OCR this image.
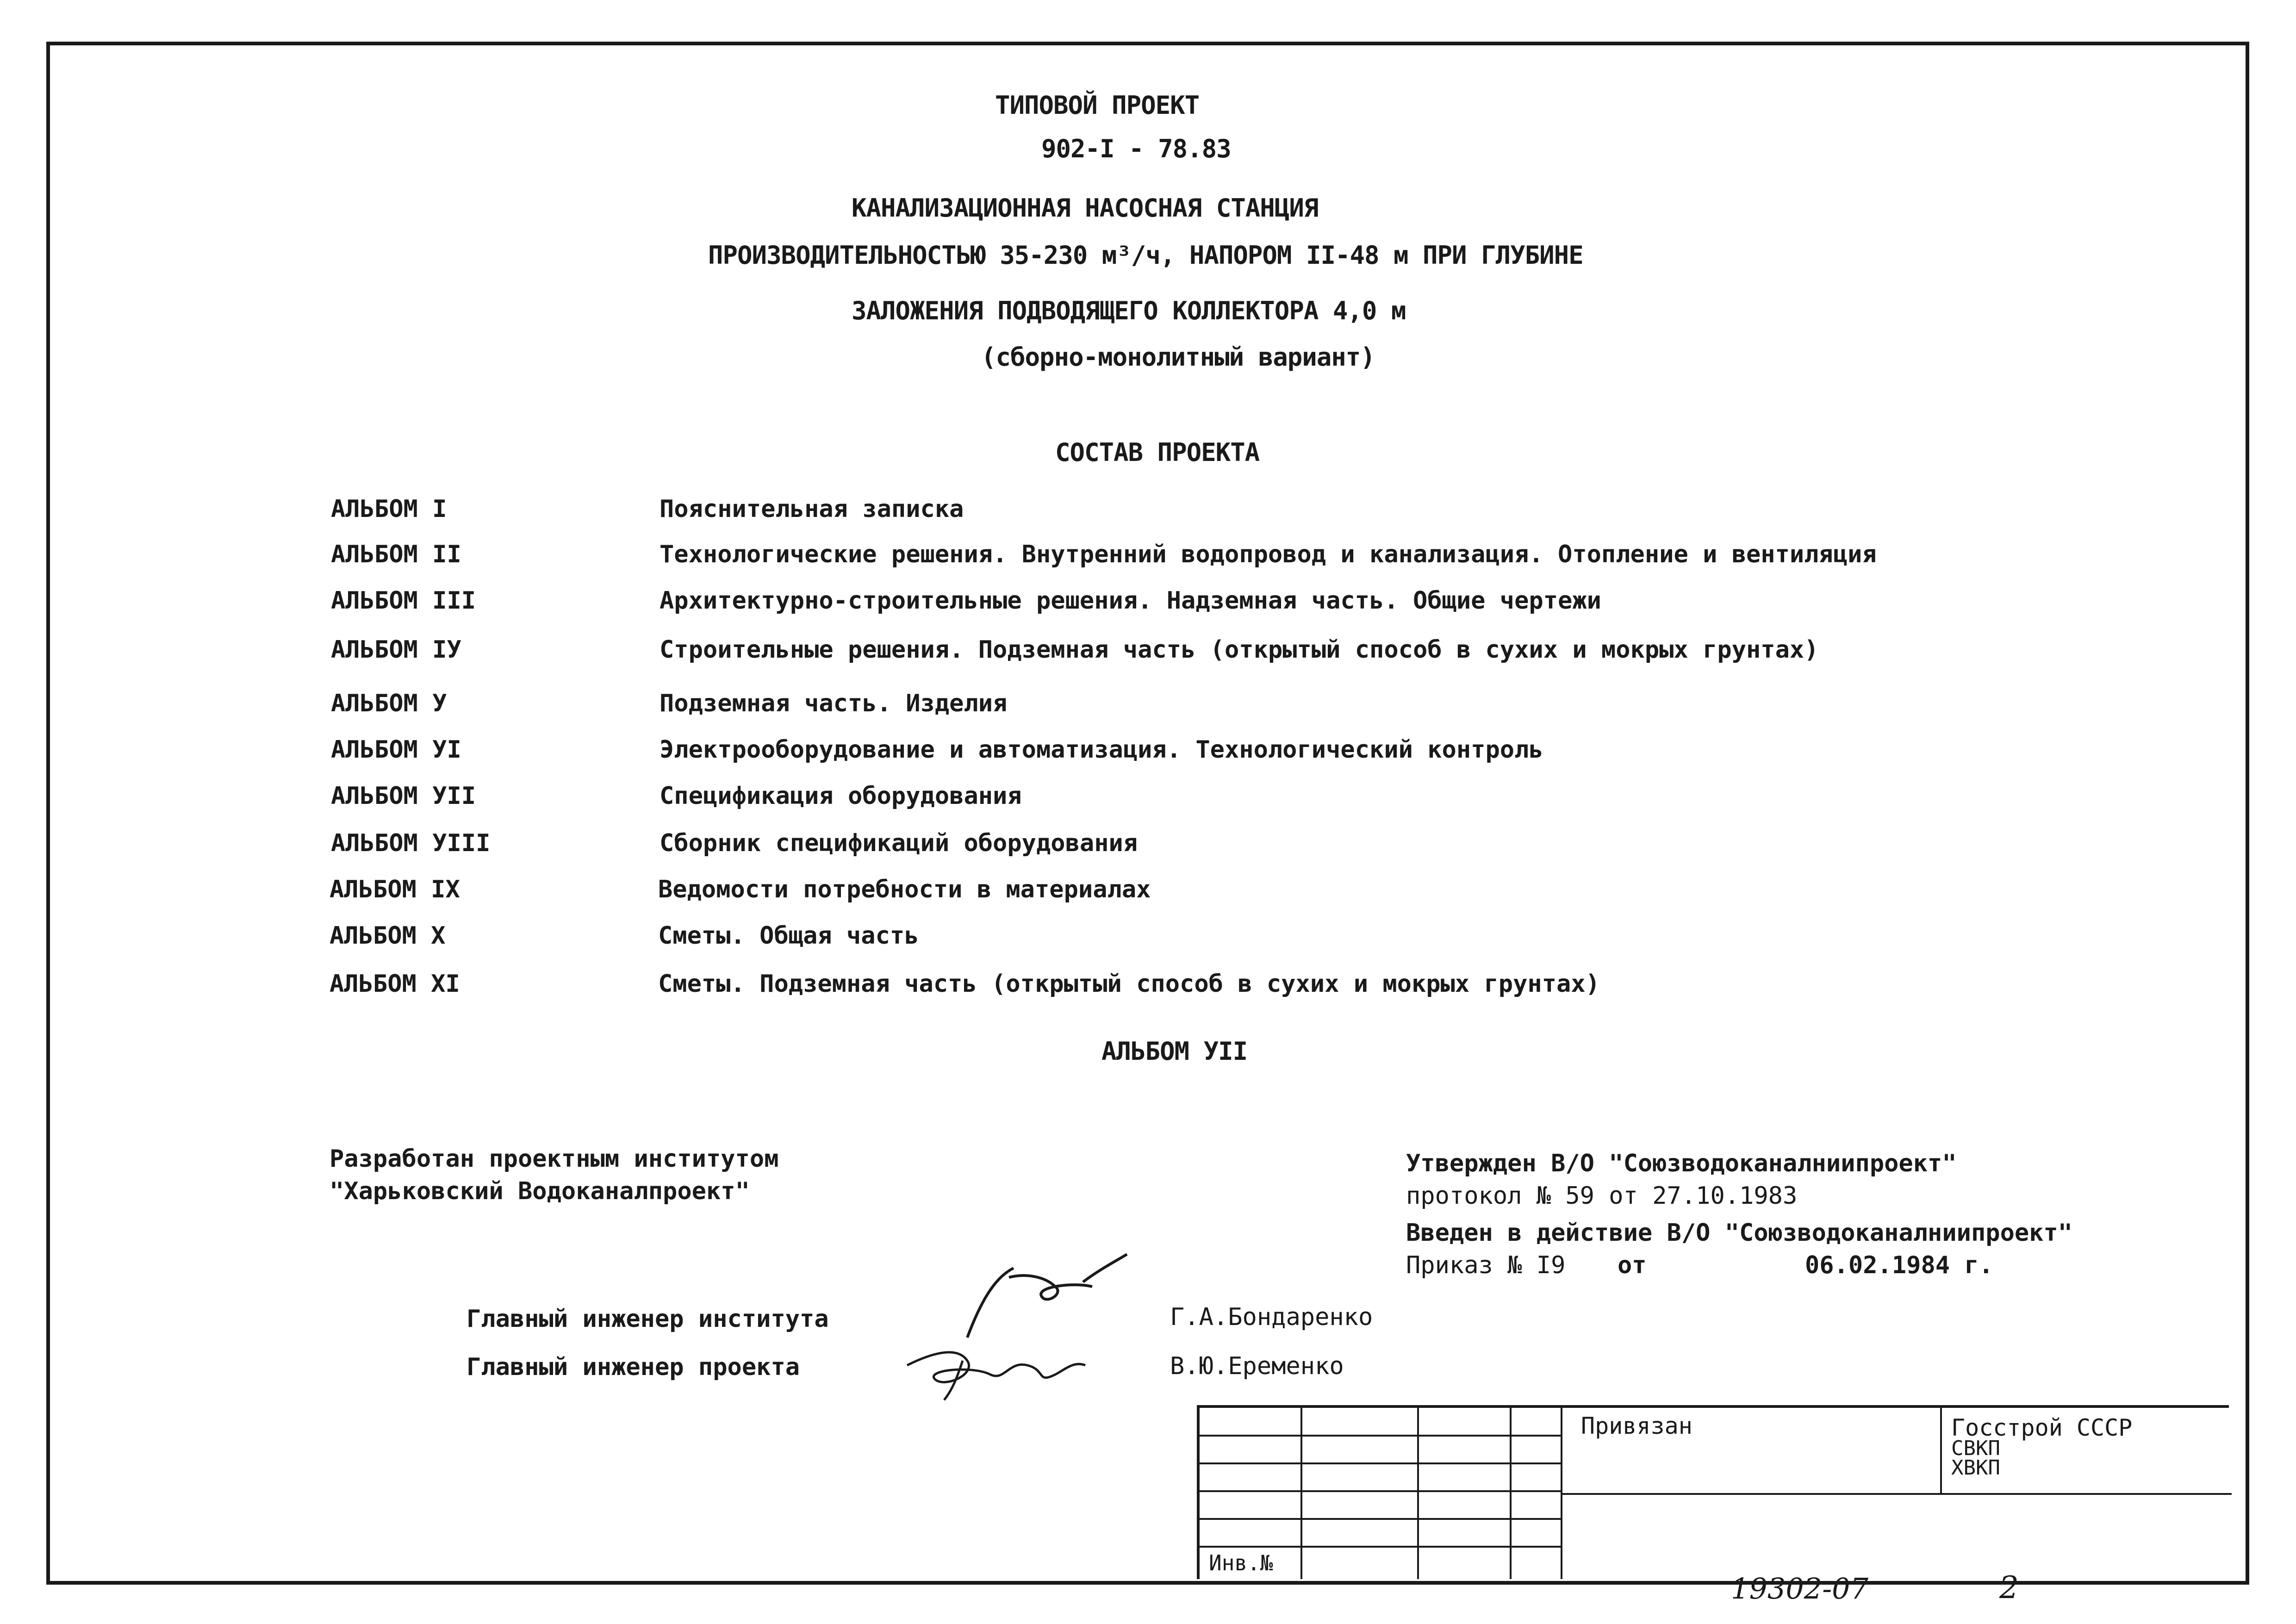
ТИПОВОЙ ПРОЕКТ
902-I - 78.83
КАНАЛИЗАЦИОННАЯ НАСОСНАЯ СТАНЦИЯ
ПРОИЗВОДИТЕЛЬНОСТЬЮ 35-230 м³/ч, НАПОРОМ II-48 м ПРИ ГЛУБИНЕ
ЗАЛОЖЕНИЯ ПОДВОДЯЩЕГО КОЛЛЕКТОРА 4,0 м
(сборно-монолитный вариант)
СОСТАВ ПРОЕКТА
АЛЬБОМ I	Пояснительная записка
АЛЬБОМ II	Технологические решения. Внутренний водопровод и канализация. Отопление и вентиляция
АЛЬБОМ III	Архитектурно-строительные решения. Надземная часть. Общие чертежи
АЛЬБОМ IУ	Строительные решения. Подземная часть (открытый способ в сухих и мокрых грунтах)
АЛЬБОМ У	Подземная часть. Изделия
АЛЬБОМ УI	Электрооборудование и автоматизация. Технологический контроль
АЛЬБОМ УII	Спецификация оборудования
АЛЬБОМ УIII	Сборник спецификаций оборудования
АЛЬБОМ IX	Ведомости потребности в материалах
АЛЬБОМ X	Сметы. Общая часть
АЛЬБОМ XI	Сметы. Подземная часть (открытый способ в сухих и мокрых грунтах)
АЛЬБОМ УII
Разработан проектным институтом
"Харьковский Водоканалпроект"
Утвержден В/О "Союзводоканалниипроект"
протокол № 59 от 27.10.1983
Введен в действие В/О "Союзводоканалниипроект"
Приказ № I9 от	06.02.1984 г.
Главный инженер института	Г.А.Бондаренко
Главный инженер проекта	В.Ю.Еременко
Привязан	Госстрой СССР
СВКП
ХВКП
Инв.№
19302-07	2
